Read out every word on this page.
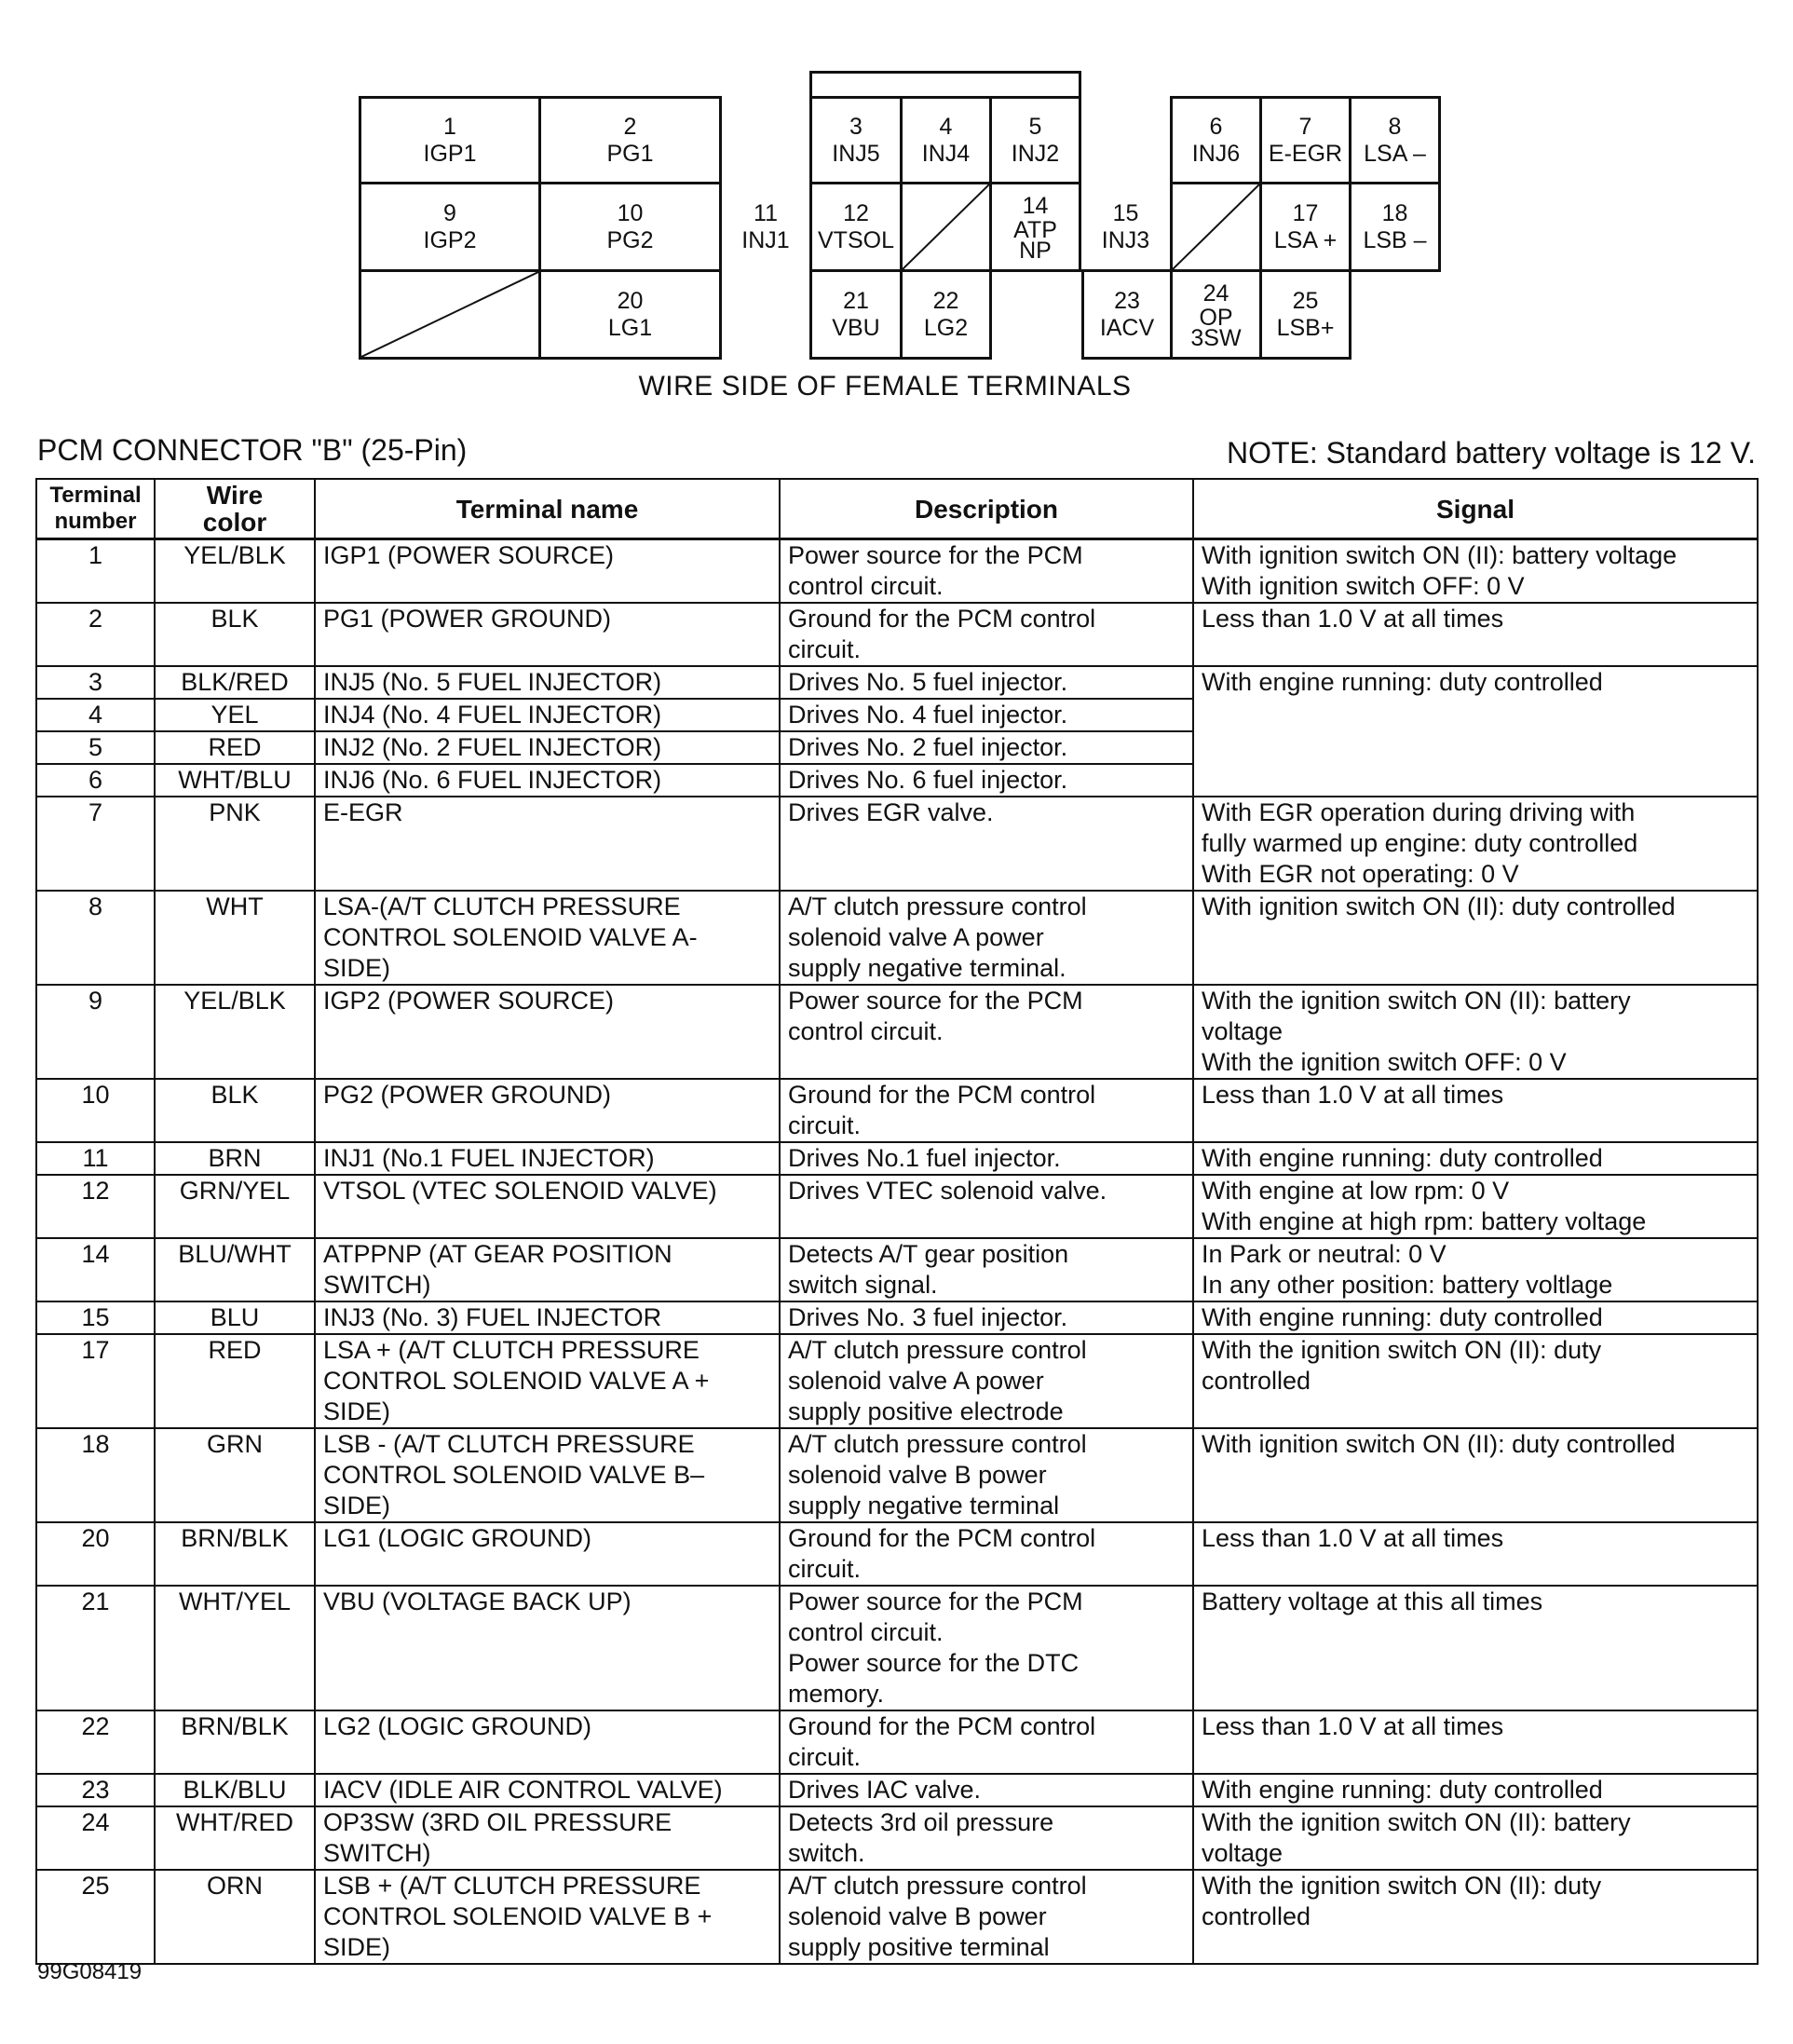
1
IGP1
2
PG1
3
INJ5
4
INJ4
5
INJ2
6
INJ6
7
E-EGR
8
LSA –
9
IGP2
10
PG2
11
INJ1
12
VTSOL
14
ATP
NP
15
INJ3
17
LSA +
18
LSB –
20
LG1
21
VBU
22
LG2
23
IACV
24
OP
3SW
25
LSB+
WIRE SIDE OF FEMALE TERMINALS
PCM CONNECTOR "B" (25-Pin)	NOTE: Standard battery voltage is 12 V.
Terminal
number	Wire
color	Terminal name	Description	Signal
1	YEL/BLK	IGP1 (POWER SOURCE)	Power source for the PCM
control circuit.	With ignition switch ON (II): battery voltage
With ignition switch OFF: 0 V
2	BLK	PG1 (POWER GROUND)	Ground for the PCM control
circuit.	Less than 1.0 V at all times
3	BLK/RED	INJ5 (No. 5 FUEL INJECTOR)	Drives No. 5 fuel injector.	With engine running: duty controlled
4	YEL	INJ4 (No. 4 FUEL INJECTOR)	Drives No. 4 fuel injector.	
5	RED	INJ2 (No. 2 FUEL INJECTOR)	Drives No. 2 fuel injector.	
6	WHT/BLU	INJ6 (No. 6 FUEL INJECTOR)	Drives No. 6 fuel injector.	
7	PNK	E-EGR	Drives EGR valve.	With EGR operation during driving with
fully warmed up engine: duty controlled
With EGR not operating: 0 V
8	WHT	LSA-(A/T CLUTCH PRESSURE
CONTROL SOLENOID VALVE A-
SIDE)	A/T clutch pressure control
solenoid valve A power
supply negative terminal.	With ignition switch ON (II): duty controlled
9	YEL/BLK	IGP2 (POWER SOURCE)	Power source for the PCM
control circuit.	With the ignition switch ON (II): battery
voltage
With the ignition switch OFF: 0 V
10	BLK	PG2 (POWER GROUND)	Ground for the PCM control
circuit.	Less than 1.0 V at all times
11	BRN	INJ1 (No.1 FUEL INJECTOR)	Drives No.1 fuel injector.	With engine running: duty controlled
12	GRN/YEL	VTSOL (VTEC SOLENOID VALVE)	Drives VTEC solenoid valve.	With engine at low rpm: 0 V
With engine at high rpm: battery voltage
14	BLU/WHT	ATPPNP (AT GEAR POSITION
SWITCH)	Detects A/T gear position
switch signal.	In Park or neutral: 0 V
In any other position: battery voltlage
15	BLU	INJ3 (No. 3) FUEL INJECTOR	Drives No. 3 fuel injector.	With engine running: duty controlled
17	RED	LSA + (A/T CLUTCH PRESSURE
CONTROL SOLENOID VALVE A +
SIDE)	A/T clutch pressure control
solenoid valve A power
supply positive electrode	With the ignition switch ON (II): duty
controlled
18	GRN	LSB - (A/T CLUTCH PRESSURE
CONTROL SOLENOID VALVE B–
SIDE)	A/T clutch pressure control
solenoid valve B power
supply negative terminal	With ignition switch ON (II): duty controlled
20	BRN/BLK	LG1 (LOGIC GROUND)	Ground for the PCM control
circuit.	Less than 1.0 V at all times
21	WHT/YEL	VBU (VOLTAGE BACK UP)	Power source for the PCM
control circuit.
Power source for the DTC
memory.	Battery voltage at this all times
22	BRN/BLK	LG2 (LOGIC GROUND)	Ground for the PCM control
circuit.	Less than 1.0 V at all times
23	BLK/BLU	IACV (IDLE AIR CONTROL VALVE)	Drives IAC valve.	With engine running: duty controlled
24	WHT/RED	OP3SW (3RD OIL PRESSURE
SWITCH)	Detects 3rd oil pressure
switch.	With the ignition switch ON (II): battery
voltage
25	ORN	LSB + (A/T CLUTCH PRESSURE
CONTROL SOLENOID VALVE B +
SIDE)	A/T clutch pressure control
solenoid valve B power
supply positive terminal	With the ignition switch ON (II): duty
controlled
99G08419
